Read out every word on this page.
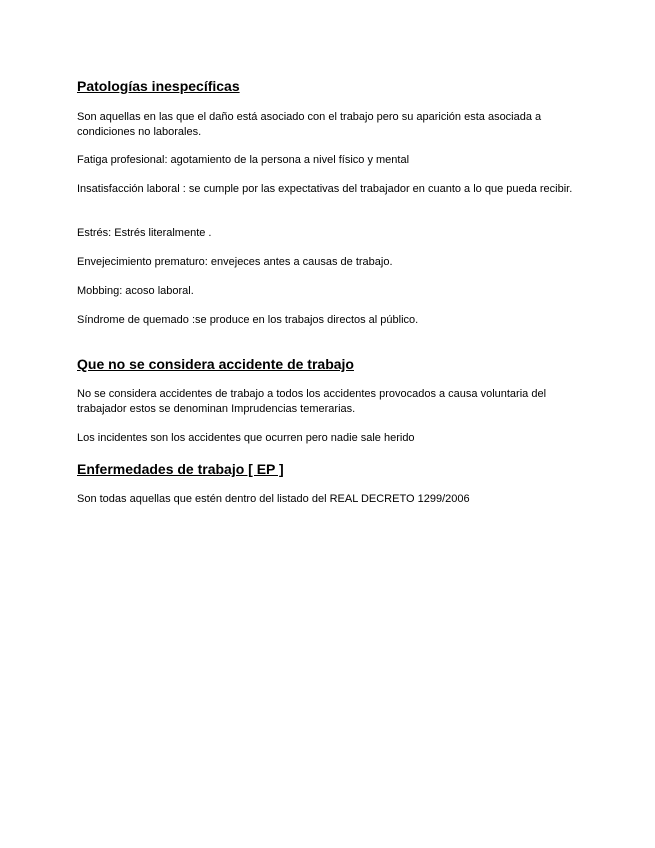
Patologías inespecíficas

Son aquellas en las que el daño está asociado con el trabajo pero su aparición esta asociada a condiciones no laborales.

Fatiga profesional: agotamiento de la persona a nivel físico y mental

Insatisfacción laboral : se cumple por las expectativas del trabajador en cuanto a lo que pueda recibir.

Estrés: Estrés literalmente .

Envejecimiento prematuro: envejeces antes a causas de trabajo.

Mobbing: acoso laboral.

Síndrome de quemado :se produce en los trabajos directos al público.

Que no se considera accidente de trabajo

No se considera accidentes de trabajo a todos los accidentes provocados a causa voluntaria del trabajador estos se denominan Imprudencias temerarias.

Los incidentes son los accidentes que ocurren pero nadie sale herido

Enfermedades de trabajo [ EP ]

Son todas aquellas que estén dentro del listado del REAL DECRETO 1299/2006
